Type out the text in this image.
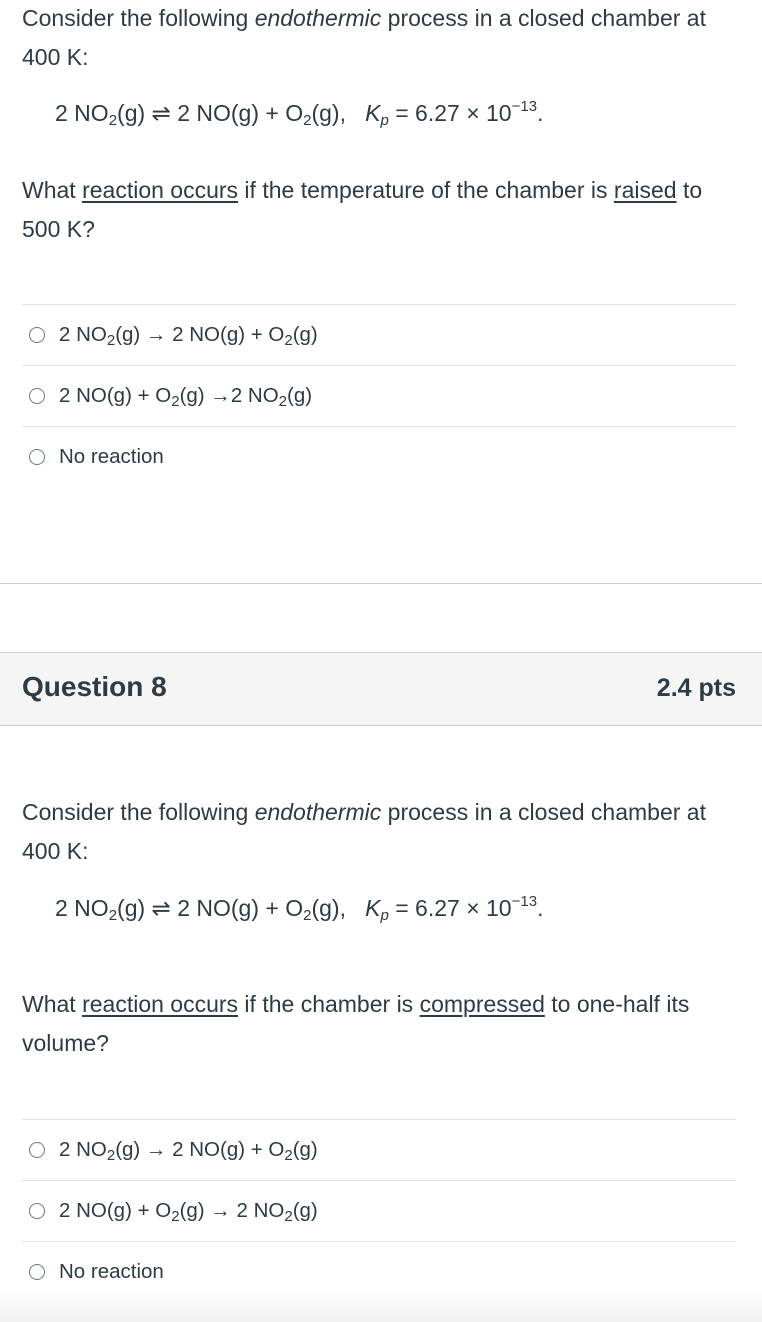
Consider the following endothermic process in a closed chamber at 400 K:
2 $NO_2(g)$ ⇌ 2 $NO(g) + O_2(g)$, $K_p = 6.27 \times 10^{-13}$.
What reaction occurs if the temperature of the chamber is raised to 500 K?
2 $NO_2(g) \to 2$ $NO(g) + O_2(g)$
2 $NO(g) + O_2(g) \to 2$ $NO_2(g)$
No reaction
Question 8	2.4 pts
Consider the following endothermic process in a closed chamber at 400 K:
2 $NO_2(g)$ ⇌ 2 $NO(g) + O_2(g)$, $K_p = 6.27 \times 10^{-13}$.
What reaction occurs if the chamber is compressed to one-half its volume?
2 $NO_2(g) \to 2$ $NO(g) + O_2(g)$
2 $NO(g) + O_2(g) \to 2$ $NO_2(g)$
No reaction
